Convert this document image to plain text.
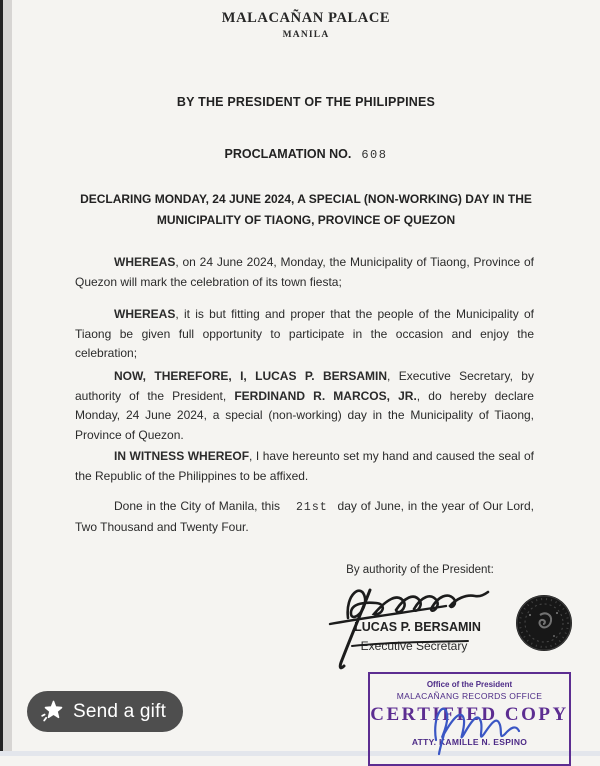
MALACAÑAN PALACE
MANILA
BY THE PRESIDENT OF THE PHILIPPINES
PROCLAMATION NO. 608
DECLARING MONDAY, 24 JUNE 2024, A SPECIAL (NON-WORKING) DAY IN THE MUNICIPALITY OF TIAONG, PROVINCE OF QUEZON

WHEREAS, on 24 June 2024, Monday, the Municipality of Tiaong, Province of Quezon will mark the celebration of its town fiesta;

WHEREAS, it is but fitting and proper that the people of the Municipality of Tiaong be given full opportunity to participate in the occasion and enjoy the celebration;

NOW, THEREFORE, I, LUCAS P. BERSAMIN, Executive Secretary, by authority of the President, FERDINAND R. MARCOS, JR., do hereby declare Monday, 24 June 2024, a special (non-working) day in the Municipality of Tiaong, Province of Quezon.

IN WITNESS WHEREOF, I have hereunto set my hand and caused the seal of the Republic of the Philippines to be affixed.

Done in the City of Manila, this 21st day of June, in the year of Our Lord, Two Thousand and Twenty Four.

By authority of the President:
LUCAS P. BERSAMIN
Executive Secretary
Office of the President
MALACAÑANG RECORDS OFFICE
CERTIFIED COPY
ATTY. KAMILLE N. ESPINO
Send a gift
